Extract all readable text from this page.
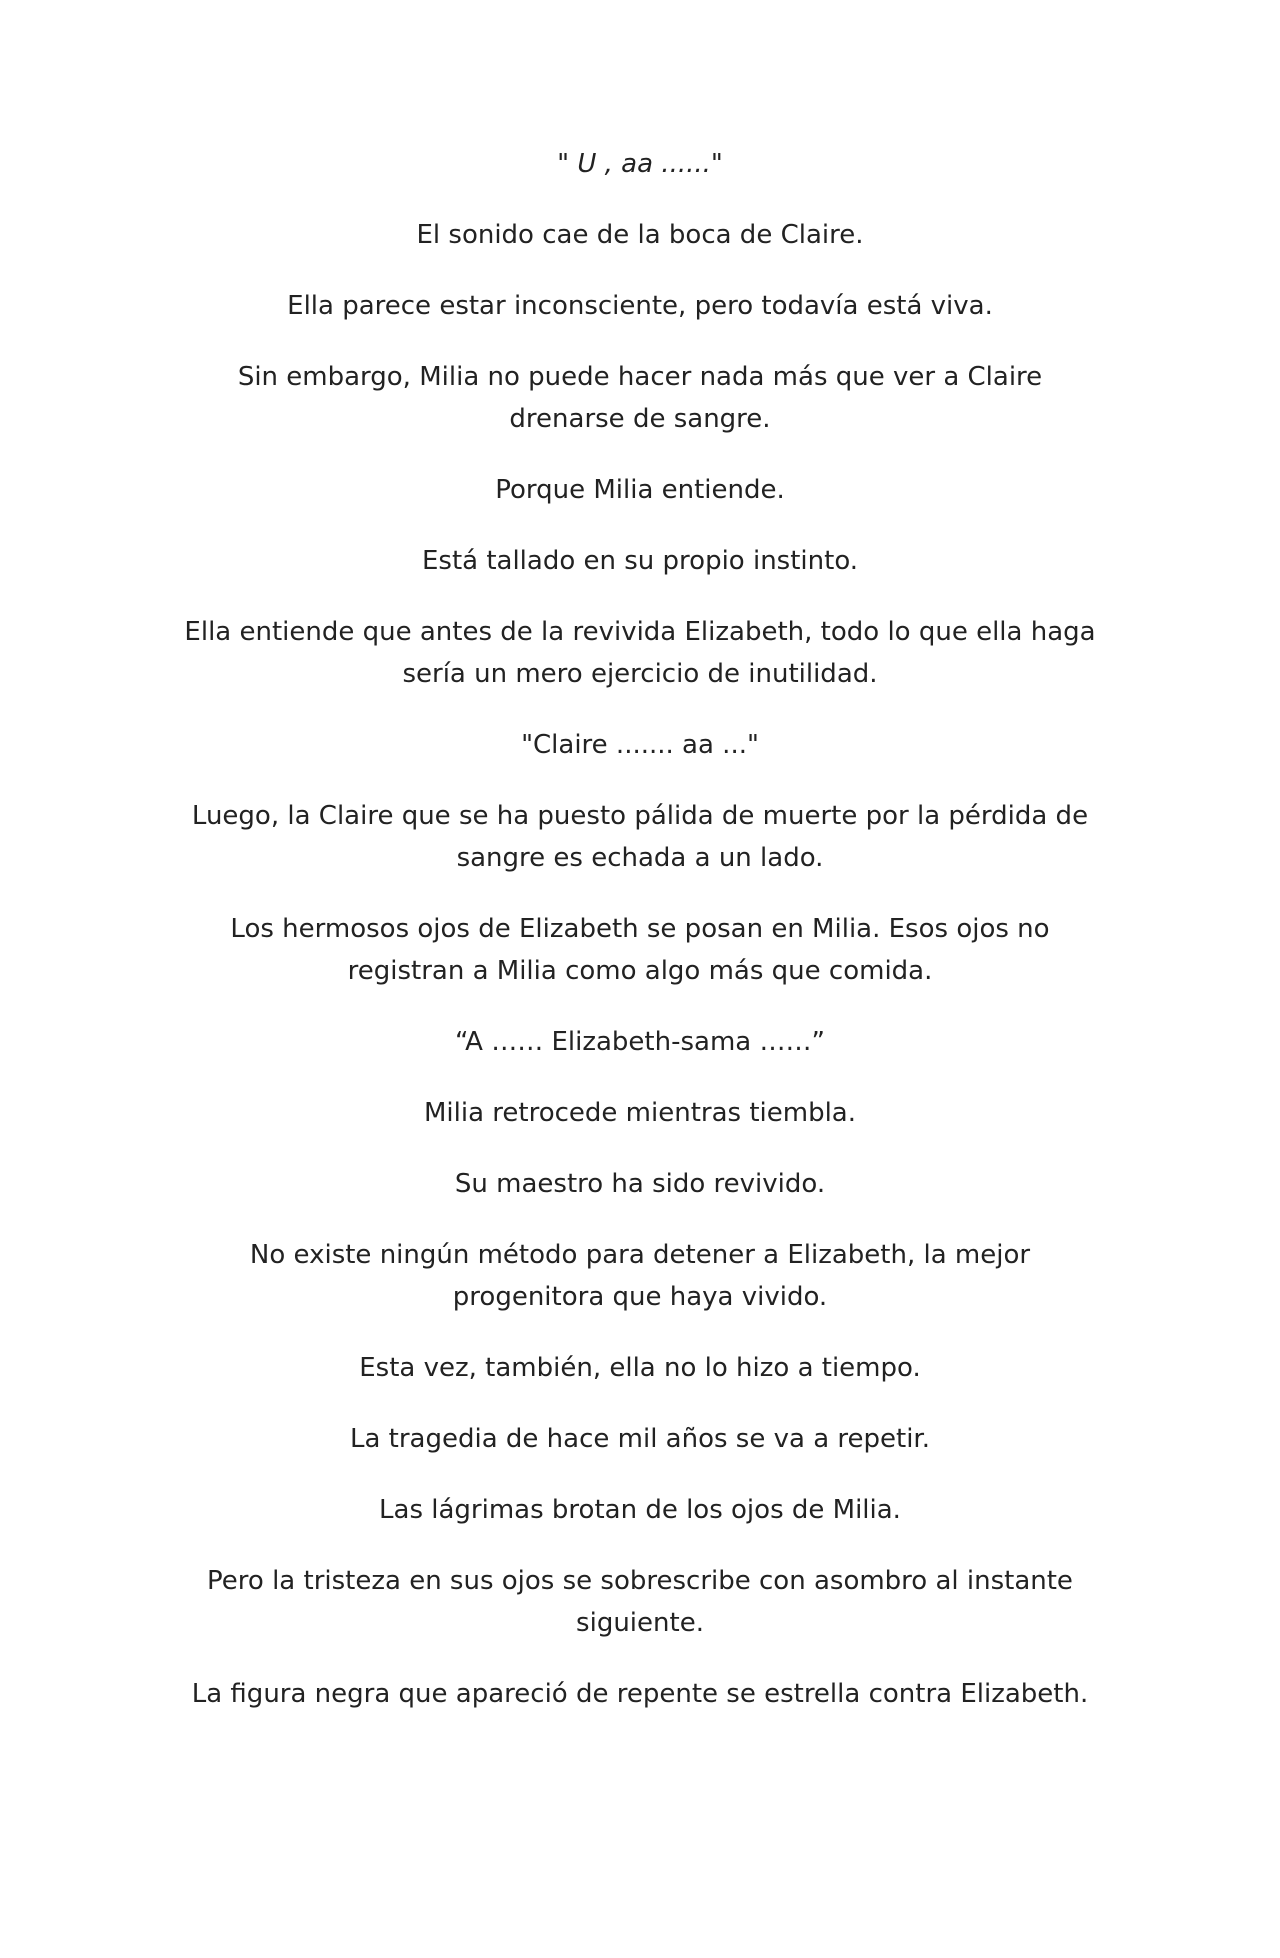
" U , aa ......"

El sonido cae de la boca de Claire.

Ella parece estar inconsciente, pero todavía está viva.

Sin embargo, Milia no puede hacer nada más que ver a Claire drenarse de sangre.

Porque Milia entiende.

Está tallado en su propio instinto.

Ella entiende que antes de la revivida Elizabeth, todo lo que ella haga sería un mero ejercicio de inutilidad.

"Claire ....... aa ..."

Luego, la Claire que se ha puesto pálida de muerte por la pérdida de sangre es echada a un lado.

Los hermosos ojos de Elizabeth se posan en Milia. Esos ojos no registran a Milia como algo más que comida.

“A …… Elizabeth-sama ……”

Milia retrocede mientras tiembla.

Su maestro ha sido revivido.

No existe ningún método para detener a Elizabeth, la mejor progenitora que haya vivido.

Esta vez, también, ella no lo hizo a tiempo.

La tragedia de hace mil años se va a repetir.

Las lágrimas brotan de los ojos de Milia.

Pero la tristeza en sus ojos se sobrescribe con asombro al instante siguiente.

La figura negra que apareció de repente se estrella contra Elizabeth.
